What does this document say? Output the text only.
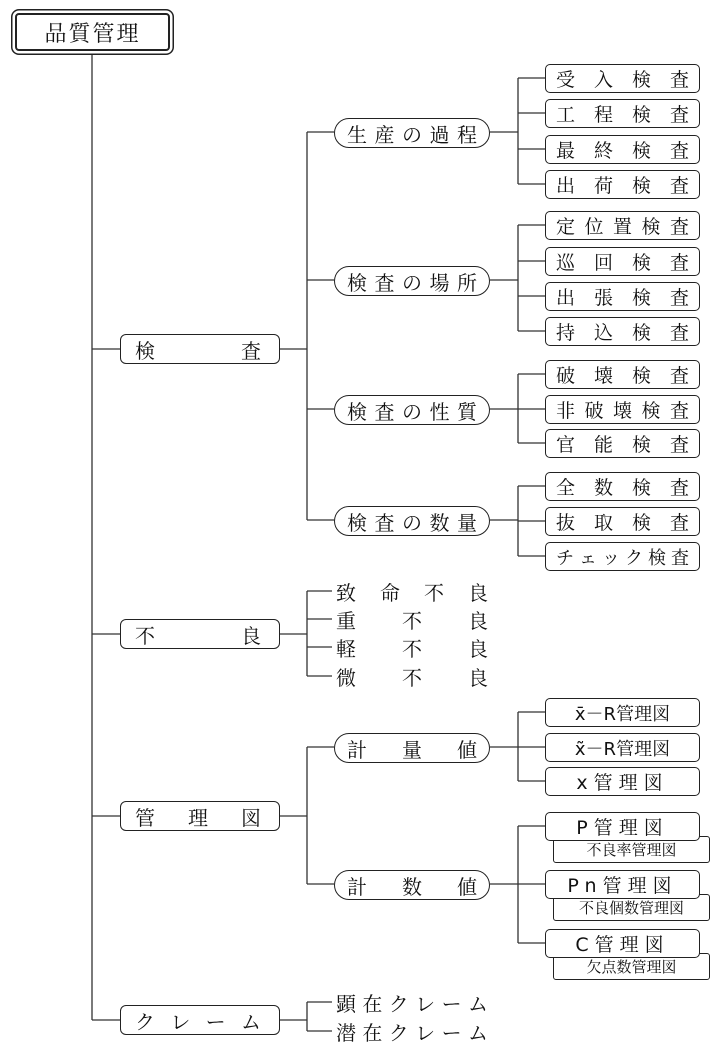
品質管理
検	査
不	良
管 理 図
ク レ ー ム
生 産 の 過 程
検 査 の 場 所
検 査 の 性 質
検 査 の 数 量
受 入 検 査
工 程 検 査
最 終 検 査
出 荷 検 査
定 位 置 検 査
巡 回 検 査
出 張 検 査
持 込 検 査
破 壊 検 査
非 破 壊 検 査
官 能 検 査
全 数 検 査
抜 取 検 査
チ ェ ッ ク 検 査
致 命 不 良
重 不 良
軽 不 良
微 不 良
計 量 値
計 数 値
x̄－R管理図
x̃－R管理図
x管理図
不良率管理図
P管理図
不良個数管理図
Pn管理図
欠点数管理図
C管理図
顕 在 ク レ ー ム
潜 在 ク レ ー ム
